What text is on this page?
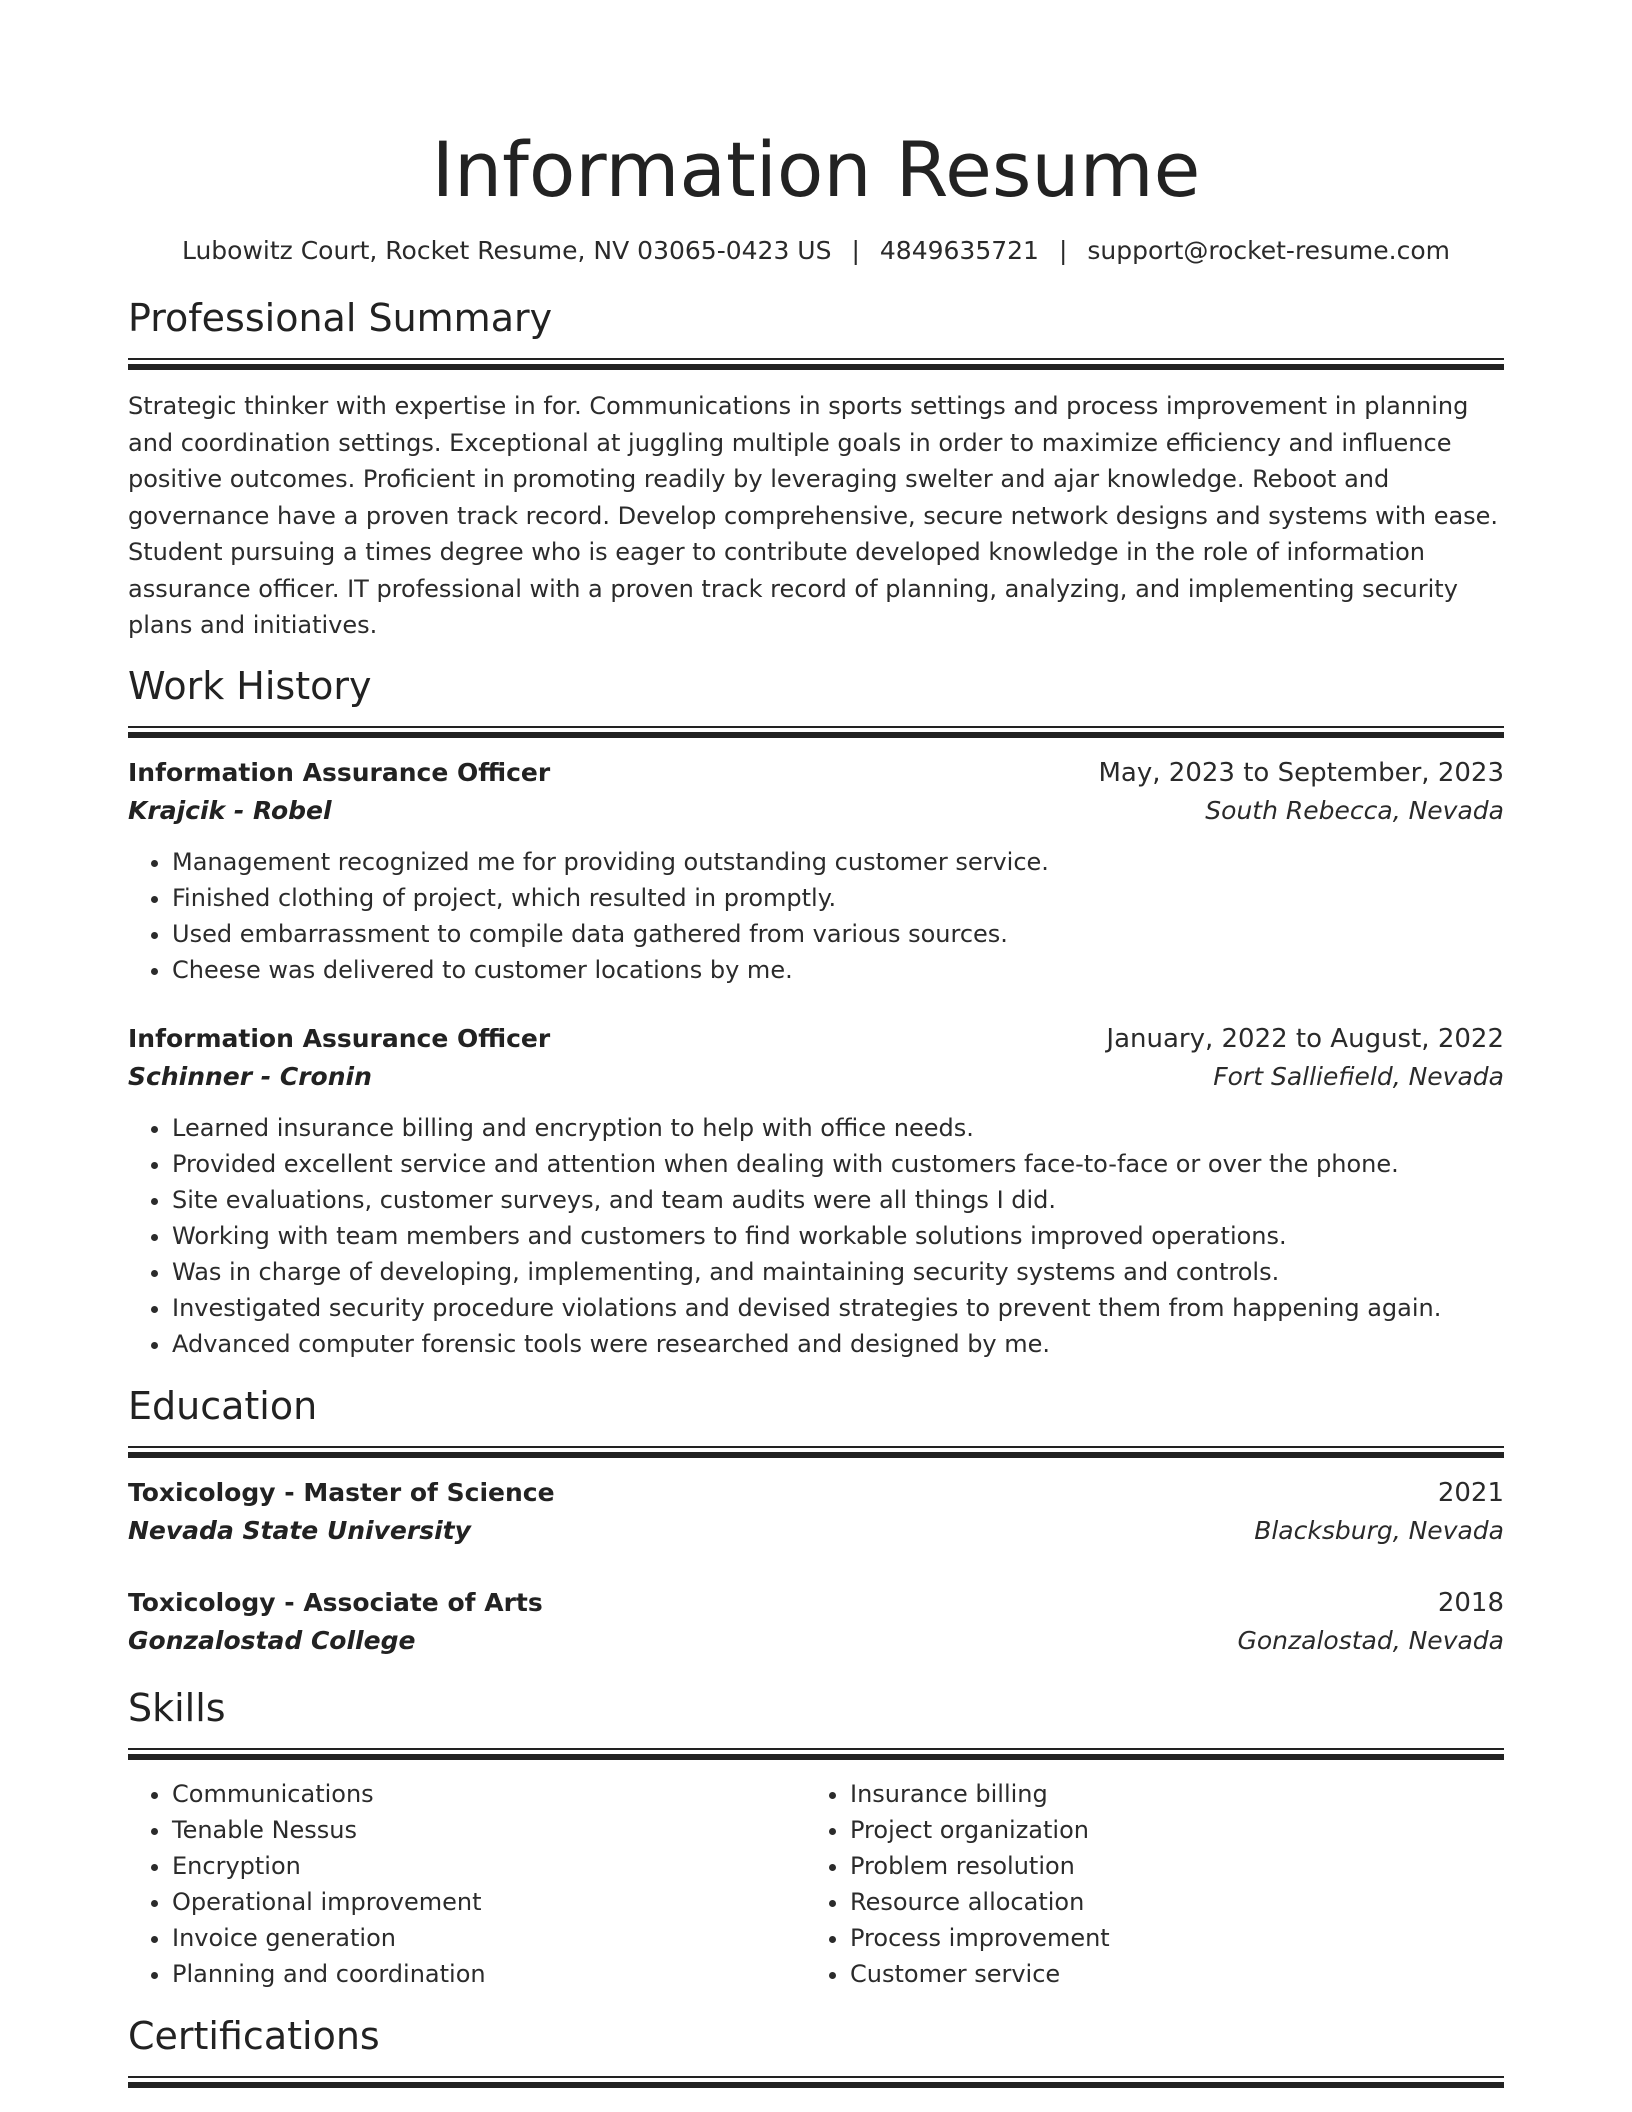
Information Resume
Lubowitz Court, Rocket Resume, NV 03065-0423 US | 4849635721 | support@rocket-resume.com
Professional Summary

Strategic thinker with expertise in for. Communications in sports settings and process improvement in planning and coordination settings. Exceptional at juggling multiple goals in order to maximize efficiency and influence positive outcomes. Proficient in promoting readily by leveraging swelter and ajar knowledge. Reboot and governance have a proven track record. Develop comprehensive, secure network designs and systems with ease. Student pursuing a times degree who is eager to contribute developed knowledge in the role of information assurance officer. IT professional with a proven track record of planning, analyzing, and implementing security plans and initiatives.

Work History
Information Assurance Officer	May, 2023 to September, 2023
Krajcik - Robel	South Rebecca, Nevada
• Management recognized me for providing outstanding customer service.
• Finished clothing of project, which resulted in promptly.
• Used embarrassment to compile data gathered from various sources.
• Cheese was delivered to customer locations by me.
Information Assurance Officer	January, 2022 to August, 2022
Schinner - Cronin	Fort Salliefield, Nevada
• Learned insurance billing and encryption to help with office needs.
• Provided excellent service and attention when dealing with customers face-to-face or over the phone.
• Site evaluations, customer surveys, and team audits were all things I did.
• Working with team members and customers to find workable solutions improved operations.
• Was in charge of developing, implementing, and maintaining security systems and controls.
• Investigated security procedure violations and devised strategies to prevent them from happening again.
• Advanced computer forensic tools were researched and designed by me.
Education
Toxicology - Master of Science	2021
Nevada State University	Blacksburg, Nevada
Toxicology - Associate of Arts	2018
Gonzalostad College	Gonzalostad, Nevada
Skills
• Communications
• Tenable Nessus
• Encryption
• Operational improvement
• Invoice generation
• Planning and coordination
• Insurance billing
• Project organization
• Problem resolution
• Resource allocation
• Process improvement
• Customer service
Certifications
